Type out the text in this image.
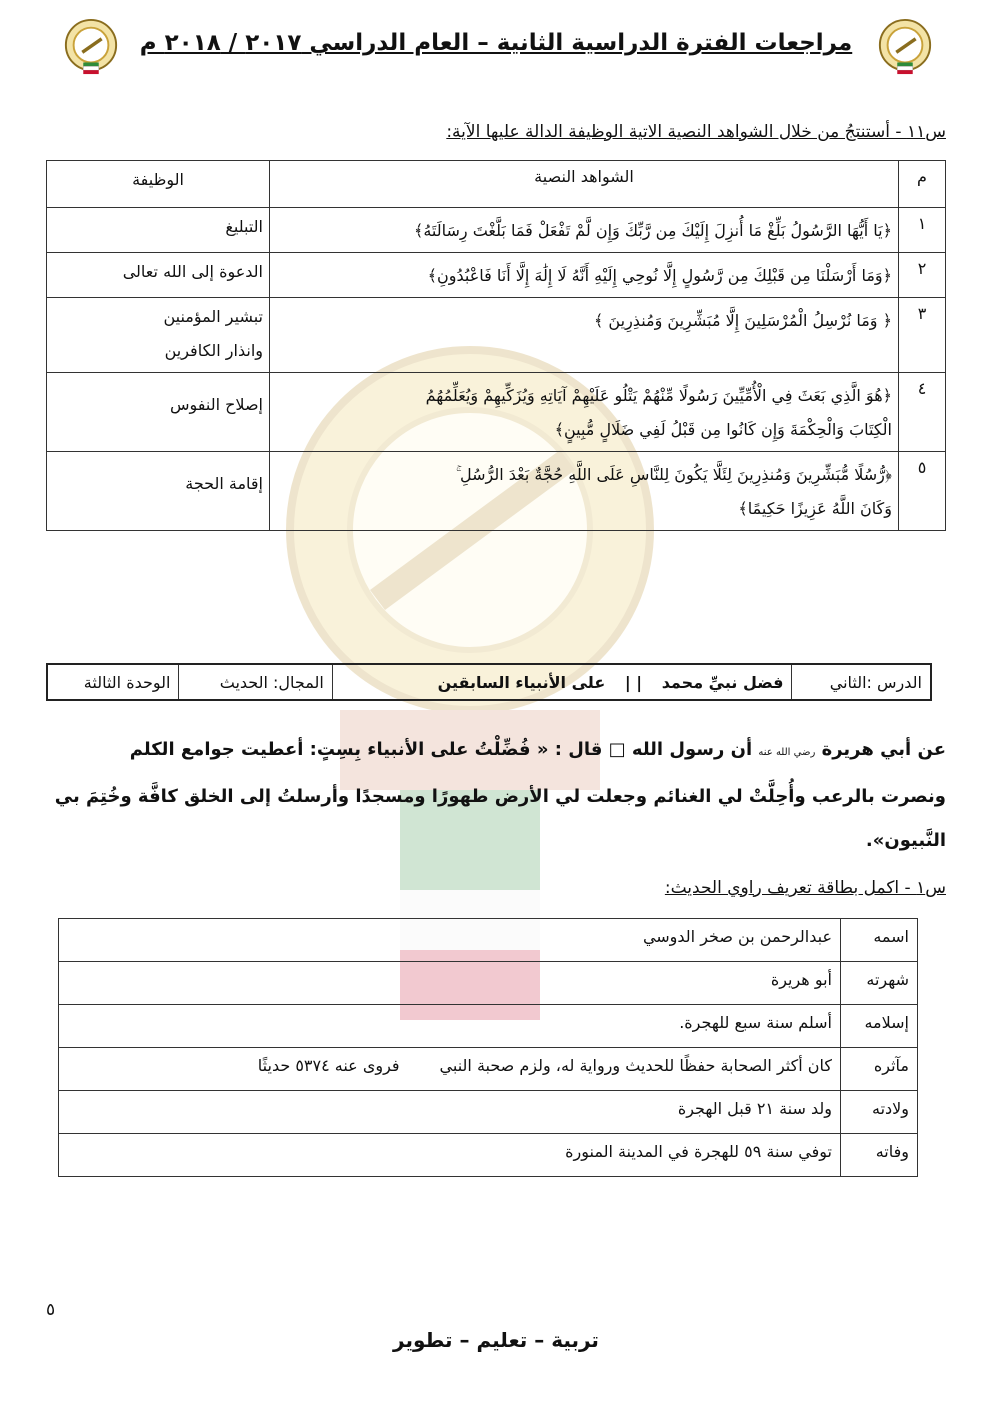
مراجعات الفترة الدراسية الثانية – العام الدراسي ٢٠١٧ / ٢٠١٨ م
س١١ - أستنتجُ من خلال الشواهد النصية الاتية الوظيفة الدالة عليها الآية:
م	الشواهد النصية	الوظيفة
١	﴿يَا أَيُّهَا الرَّسُولُ بَلِّغْ مَا أُنزِلَ إِلَيْكَ مِن رَّبِّكَ وَإِن لَّمْ تَفْعَلْ فَمَا بَلَّغْتَ رِسَالَتَهُ﴾	التبليغ

٢	﴿وَمَا أَرْسَلْنَا مِن قَبْلِكَ مِن رَّسُولٍ إِلَّا نُوحِي إِلَيْهِ أَنَّهُ لَا إِلَٰهَ إِلَّا أَنَا فَاعْبُدُونِ﴾	الدعوة إلى الله تعالى

٣	﴿ وَمَا نُرْسِلُ الْمُرْسَلِينَ إِلَّا مُبَشِّرِينَ وَمُنذِرِينَ ﴾	تبشير المؤمنين
وانذار الكافرين

٤	﴿هُوَ الَّذِي بَعَثَ فِي الْأُمِّيِّينَ رَسُولًا مِّنْهُمْ يَتْلُو عَلَيْهِمْ آيَاتِهِ وَيُزَكِّيهِمْ وَيُعَلِّمُهُمُ
الْكِتَابَ وَالْحِكْمَةَ وَإِن كَانُوا مِن قَبْلُ لَفِي ضَلَالٍ مُّبِينٍ﴾	إصلاح النفوس

٥	﴿رُّسُلًا مُّبَشِّرِينَ وَمُنذِرِينَ لِئَلَّا يَكُونَ لِلنَّاسِ عَلَى اللَّهِ حُجَّةٌ بَعْدَ الرُّسُلِ ۚ
وَكَانَ اللَّهُ عَزِيزًا حَكِيمًا﴾	إقامة الحجة
الدرس :الثاني	فضل نبيِّ محمد | | على الأنبياء السابقين	المجال: الحديث	الوحدة الثالثة
عن أبي هريرة رضي الله عنه أن رسول الله □ قال : « فُضِّلْتُ على الأنبياء بِسِتٍ: أعطيت جوامع الكلم
ونصرت بالرعب وأُحِلَّتْ لي الغنائم وجعلت لي الأرض طهورًا ومسجدًا وأرسلتُ إلى الخلق كافَّة وخُتِمَ بي
النَّبيون».
س١ - اكمل بطاقة تعريف راوي الحديث:
اسمه	عبدالرحمن بن صخر الدوسي
شهرته	أبو هريرة
إسلامه	أسلم سنة سبع للهجرة.
مآثره	كان أكثر الصحابة حفظًا للحديث ورواية له، ولزم صحبة النبيفروى عنه ٥٣٧٤ حديثًا
ولادته	ولد سنة ٢١ قبل الهجرة
وفاته	توفي سنة ٥٩ للهجرة في المدينة المنورة
٥
تربية – تعليم – تطوير
